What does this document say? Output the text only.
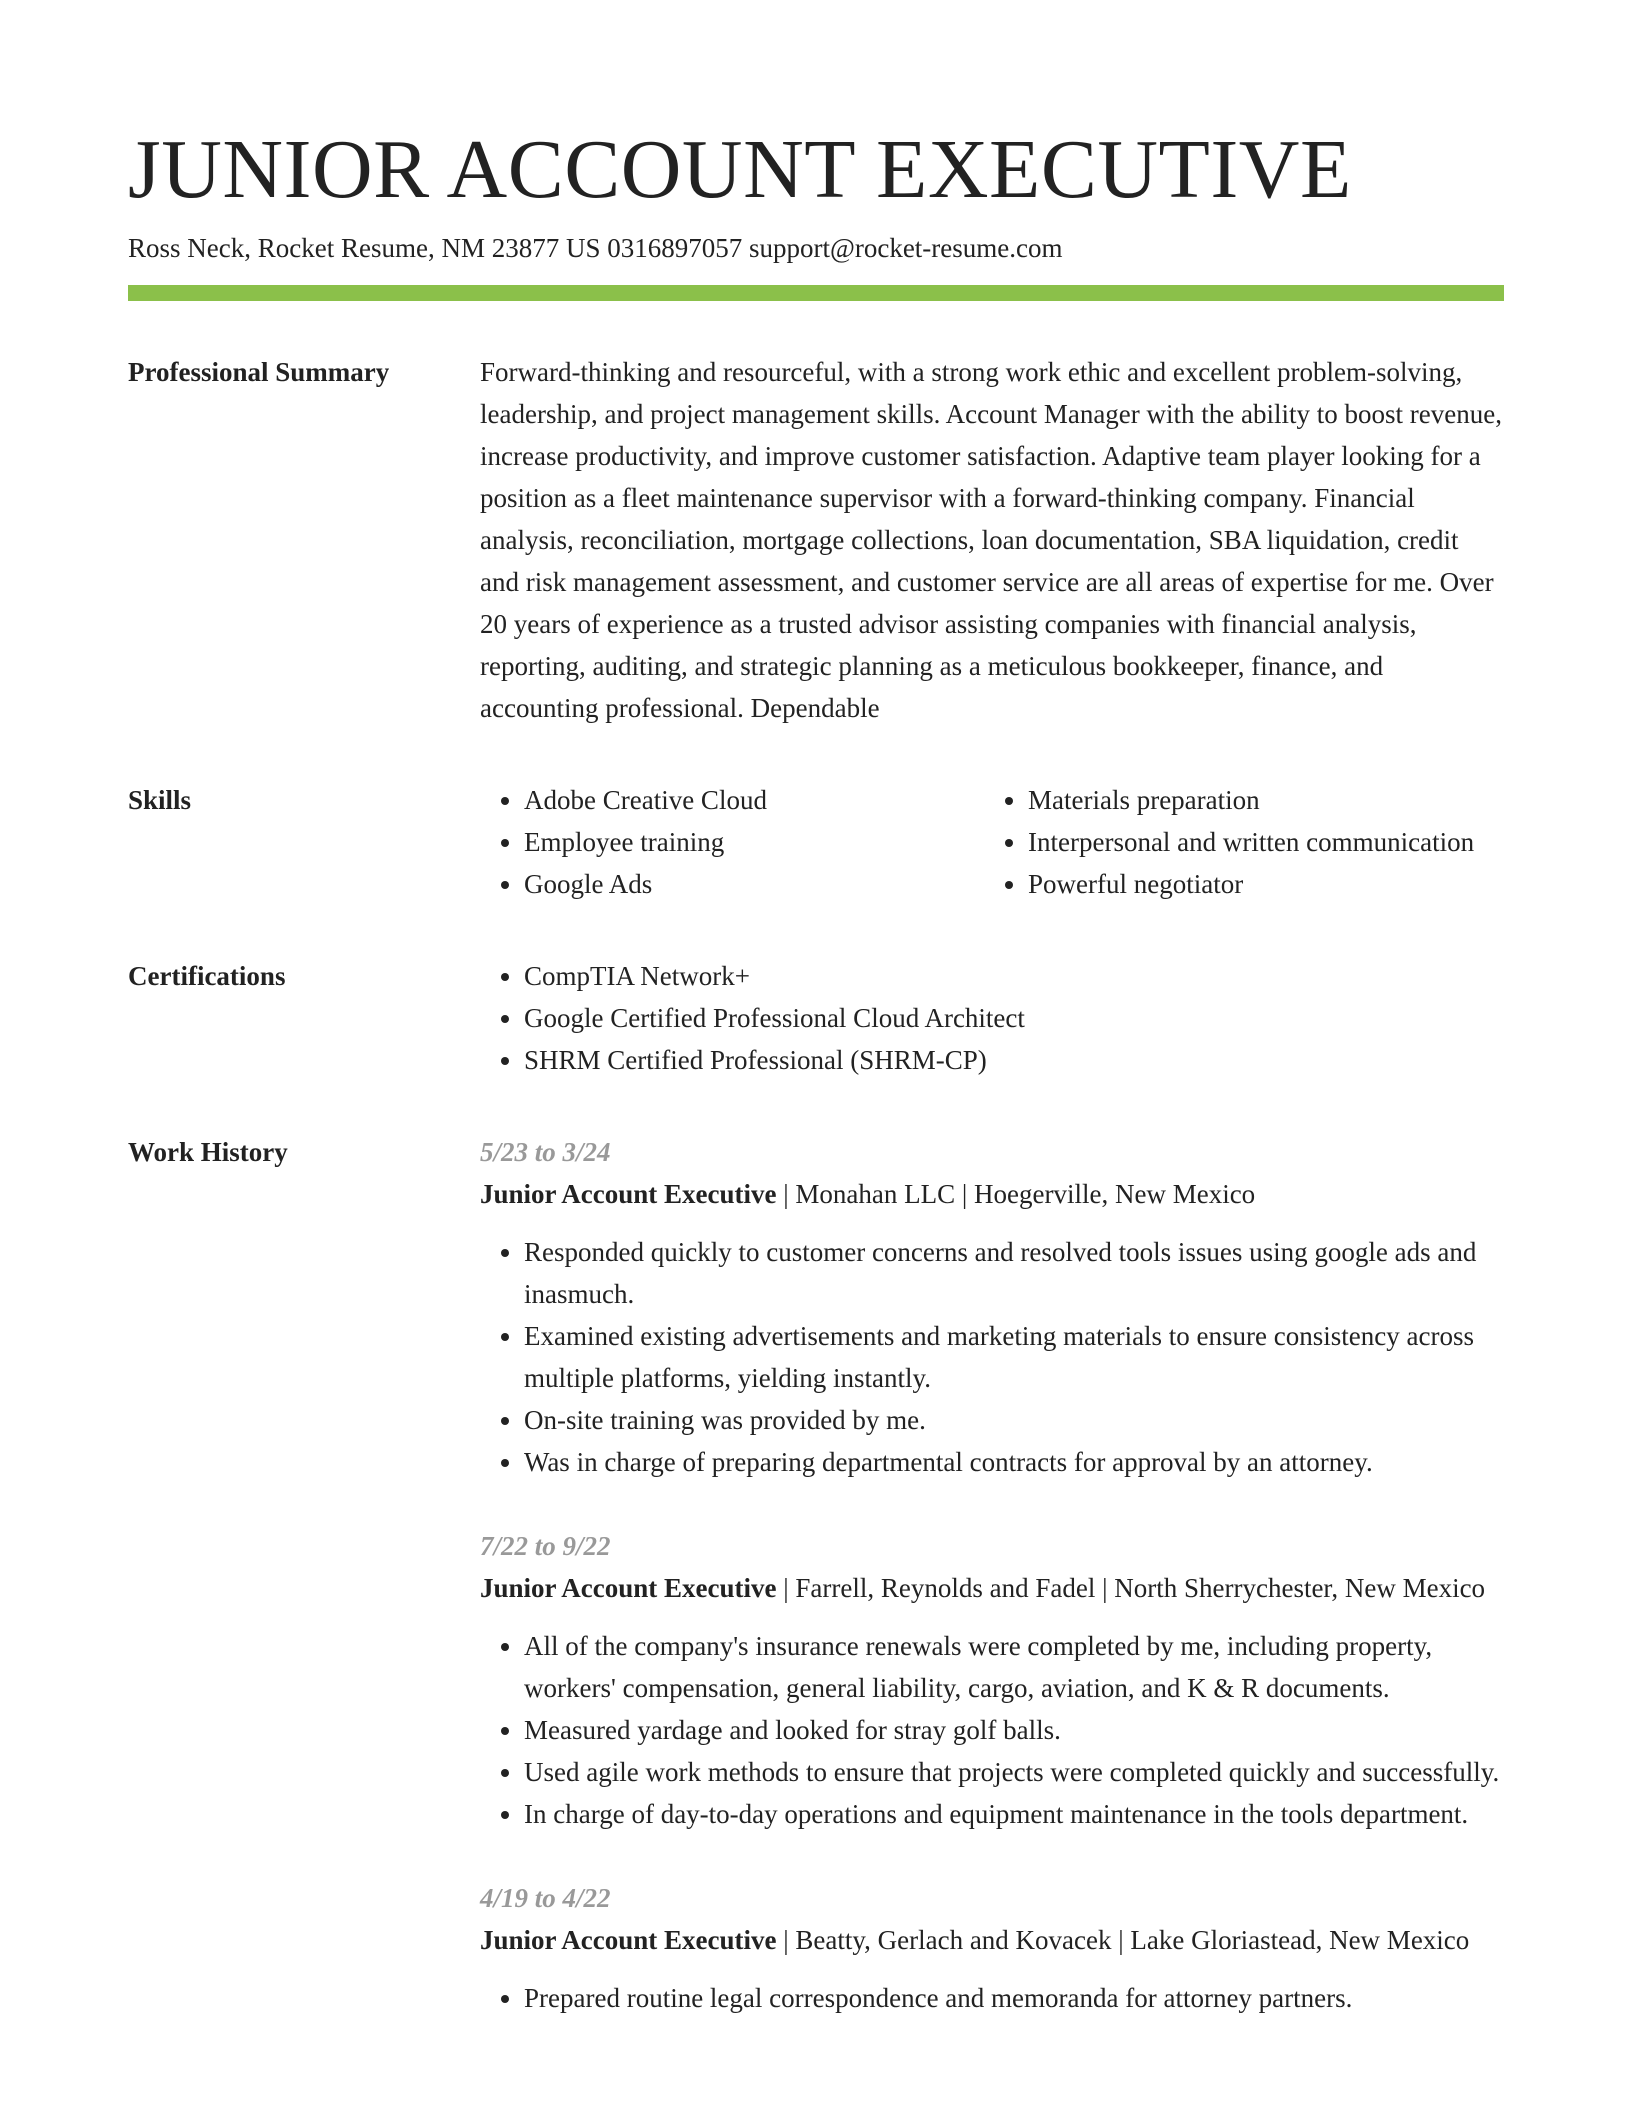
JUNIOR ACCOUNT EXECUTIVE
Ross Neck, Rocket Resume, NM 23877 US 0316897057 support@rocket-resume.com
Professional Summary	Forward-thinking and resourceful, with a strong work ethic and excellent problem-solving, leadership, and project management skills. Account Manager with the ability to boost revenue, increase productivity, and improve customer satisfaction. Adaptive team player looking for a position as a fleet maintenance supervisor with a forward-thinking company. Financial analysis, reconciliation, mortgage collections, loan documentation, SBA liquidation, credit and risk management assessment, and customer service are all areas of expertise for me. Over 20 years of experience as a trusted advisor assisting companies with financial analysis, reporting, auditing, and strategic planning as a meticulous bookkeeper, finance, and accounting professional. Dependable

Skills	• Adobe Creative Cloud
• Employee training
• Google Ads
• Materials preparation
• Interpersonal and written communication
• Powerful negotiator
Certifications	• CompTIA Network+
• Google Certified Professional Cloud Architect
• SHRM Certified Professional (SHRM-CP)
Work History	5/23 to 3/24
Junior Account Executive | Monahan LLC | Hoegerville, New Mexico
• Responded quickly to customer concerns and resolved tools issues using google ads and inasmuch.
• Examined existing advertisements and marketing materials to ensure consistency across multiple platforms, yielding instantly.
• On-site training was provided by me.
• Was in charge of preparing departmental contracts for approval by an attorney.
7/22 to 9/22
Junior Account Executive | Farrell, Reynolds and Fadel | North Sherrychester, New Mexico
• All of the company's insurance renewals were completed by me, including property, workers' compensation, general liability, cargo, aviation, and K & R documents.
• Measured yardage and looked for stray golf balls.
• Used agile work methods to ensure that projects were completed quickly and successfully.
• In charge of day-to-day operations and equipment maintenance in the tools department.
4/19 to 4/22
Junior Account Executive | Beatty, Gerlach and Kovacek | Lake Gloriastead, New Mexico
• Prepared routine legal correspondence and memoranda for attorney partners.
